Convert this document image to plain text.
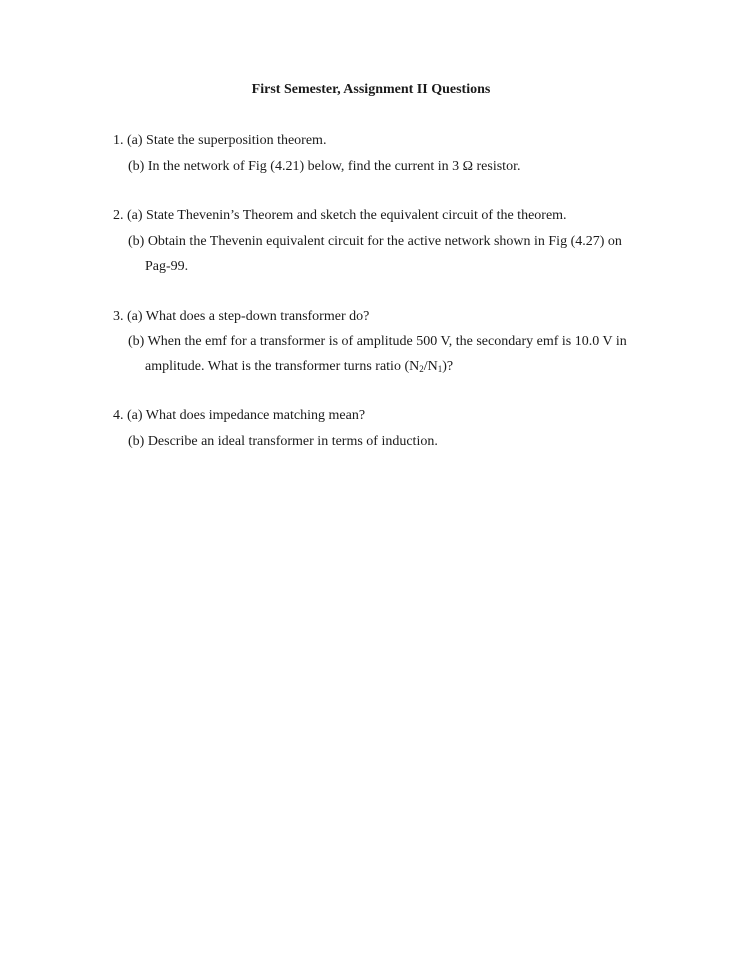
First Semester, Assignment II Questions
1. (a) State the superposition theorem.
(b) In the network of Fig (4.21) below, find the current in 3 Ω resistor.
2. (a) State Thevenin’s Theorem and sketch the equivalent circuit of the theorem.
(b) Obtain the Thevenin equivalent circuit for the active network shown in Fig (4.27) on
Pag-99.
3. (a) What does a step-down transformer do?
(b) When the emf for a transformer is of amplitude 500 V, the secondary emf is 10.0 V in
amplitude. What is the transformer turns ratio $(N_2/N_1)$?
4. (a) What does impedance matching mean?
(b) Describe an ideal transformer in terms of induction.
